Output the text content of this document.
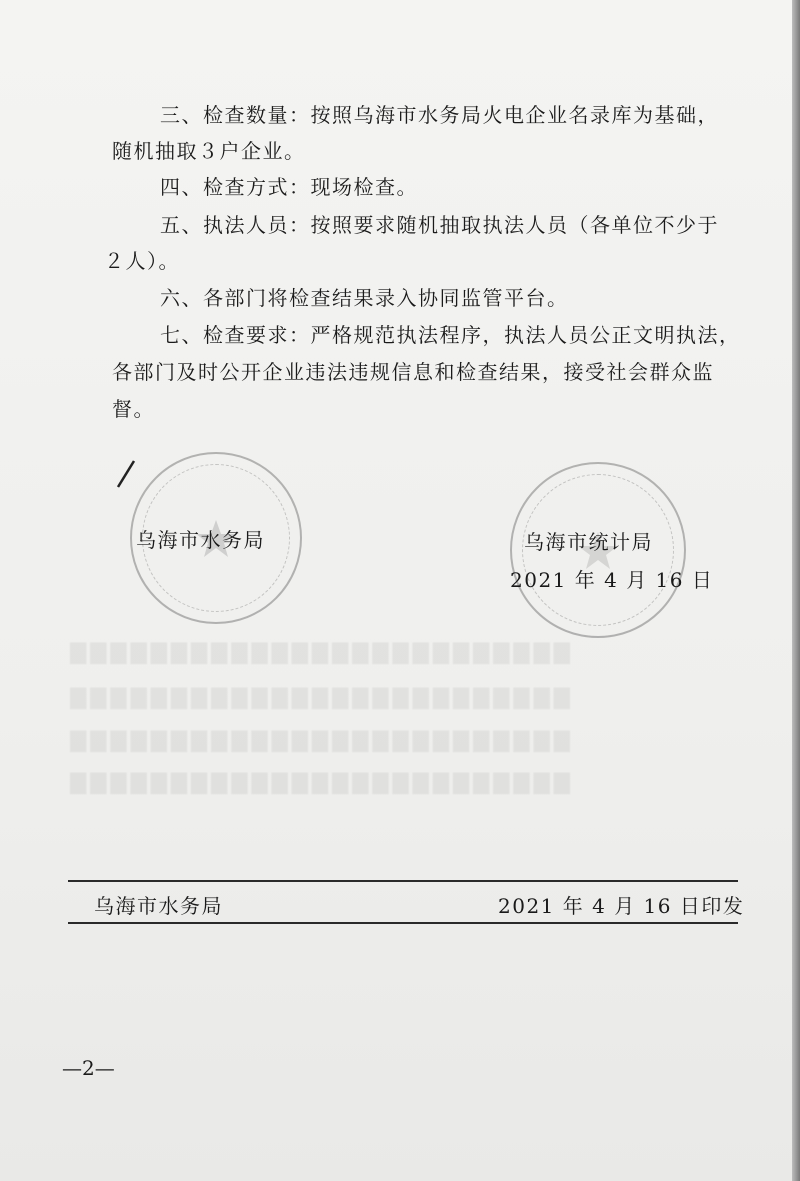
▇▇▇▇▇▇▇▇▇▇▇▇▇▇▇▇▇▇▇▇▇▇▇▇▇
▇▇▇▇▇▇▇▇▇▇▇▇▇▇▇▇▇▇▇▇▇▇▇▇▇
▇▇▇▇▇▇▇▇▇▇▇▇▇▇▇▇▇▇▇▇▇▇▇▇▇
▇▇▇▇▇▇▇▇▇▇▇▇▇▇▇▇▇▇▇▇▇▇▇▇▇
三、检查数量：按照乌海市水务局火电企业名录库为基础，
随机抽取３户企业。
四、检查方式：现场检查。
五、执法人员：按照要求随机抽取执法人员（各单位不少于
２人）。
六、各部门将检查结果录入协同监管平台。
七、检查要求：严格规范执法程序，执法人员公正文明执法，
各部门及时公开企业违法违规信息和检查结果，接受社会群众监
督。
乌海市水务局	乌海市统计局
2021 年 4 月 16 日
乌海市水务局	2021 年 4 月 16 日印发
—2—
